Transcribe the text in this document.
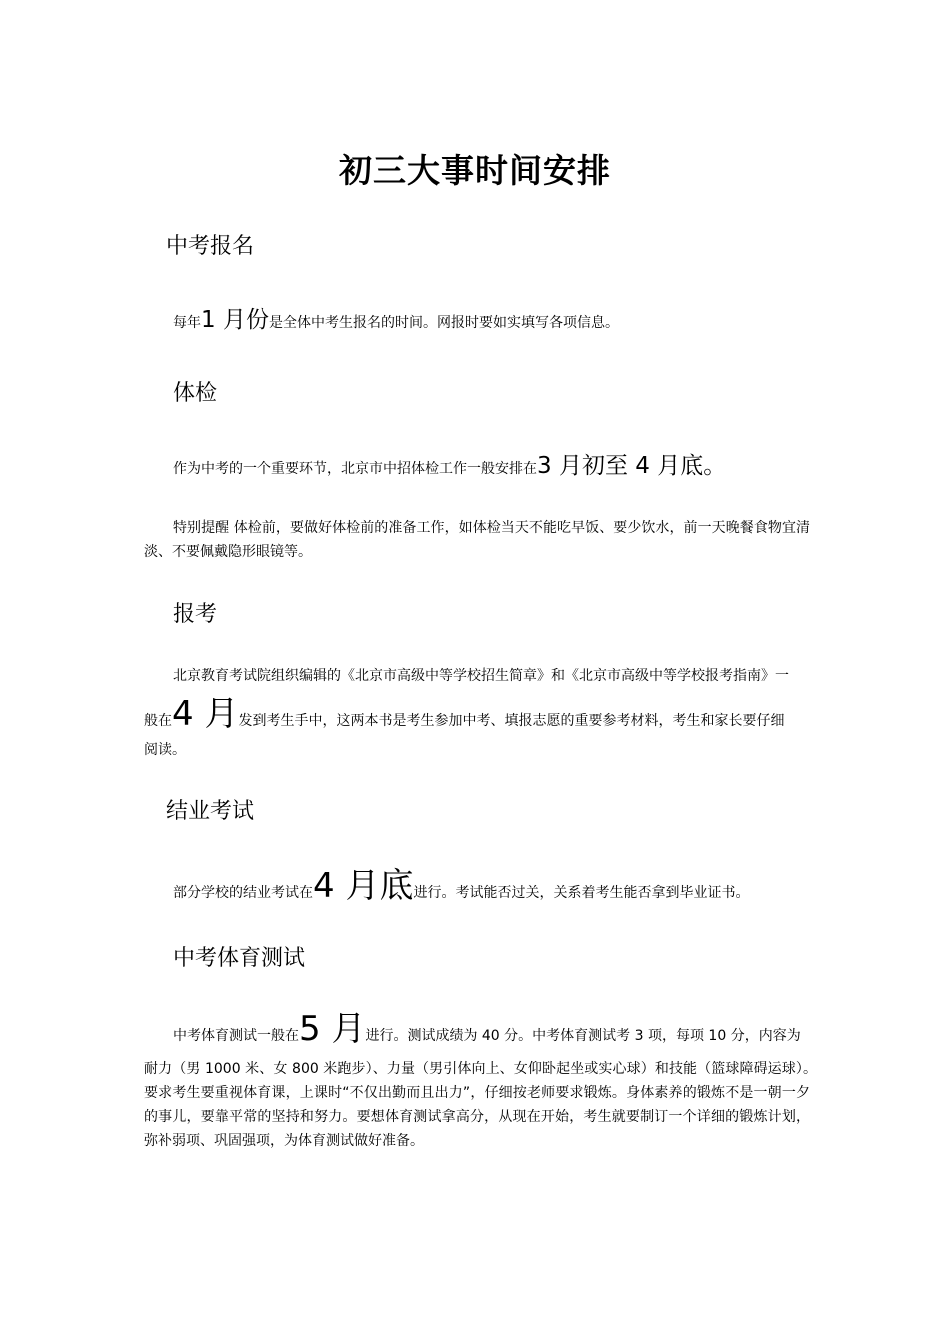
初三大事时间安排
中考报名
每年1 月份是全体中考生报名的时间。网报时要如实填写各项信息。
体检
作为中考的一个重要环节，北京市中招体检工作一般安排在3 月初至 4 月底。
特别提醒 体检前，要做好体检前的准备工作，如体检当天不能吃早饭、要少饮水，前一天晚餐食物宜清淡、不要佩戴隐形眼镜等。
报考
北京教育考试院组织编辑的《北京市高级中等学校招生简章》和《北京市高级中等学校报考指南》一
般在4 月发到考生手中，这两本书是考生参加中考、填报志愿的重要参考材料，考生和家长要仔细
阅读。
结业考试
部分学校的结业考试在4 月底进行。考试能否过关，关系着考生能否拿到毕业证书。
中考体育测试
中考体育测试一般在5 月进行。测试成绩为 40 分。中考体育测试考 3 项，每项 10 分，内容为
耐力（男 1000 米、女 800 米跑步）、力量（男引体向上、女仰卧起坐或实心球）和技能（篮球障碍运球）。　　要求考生要重视体育课，上课时“不仅出勤而且出力”，仔细按老师要求锻炼。身体素养的锻炼不是一朝一夕的事儿，要靠平常的坚持和努力。要想体育测试拿高分，从现在开始，考生就要制订一个详细的锻炼计划，弥补弱项、巩固强项，为体育测试做好准备。
